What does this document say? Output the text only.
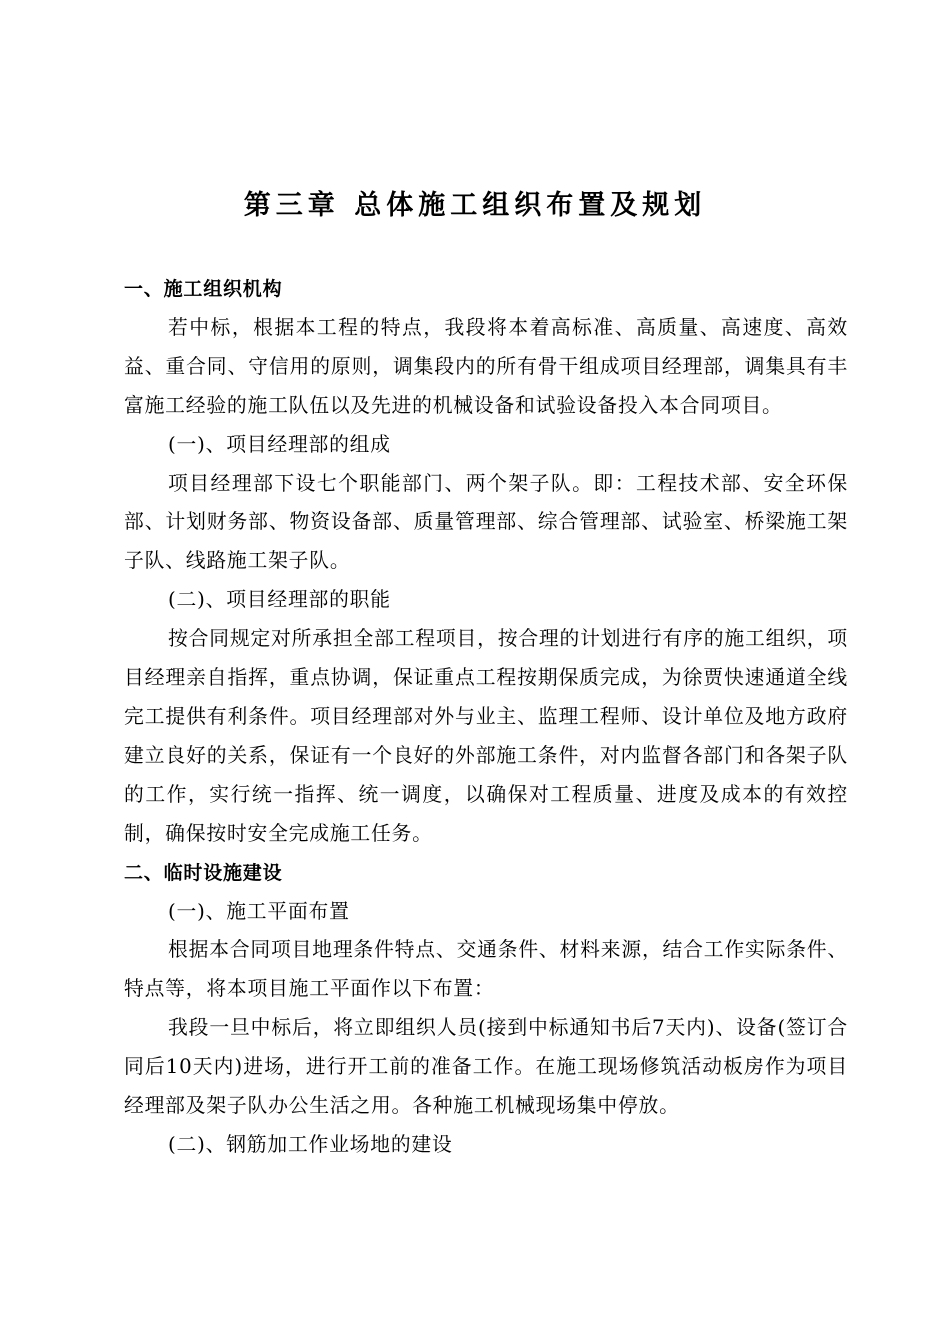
第三章 总体施工组织布置及规划

一、施工组织机构

若中标，根据本工程的特点，我段将本着高标准、高质量、高速度、高效益、重合同、守信用的原则，调集段内的所有骨干组成项目经理部，调集具有丰富施工经验的施工队伍以及先进的机械设备和试验设备投入本合同项目。

(一)、项目经理部的组成

项目经理部下设七个职能部门、两个架子队。即：工程技术部、安全环保部、计划财务部、物资设备部、质量管理部、综合管理部、试验室、桥梁施工架子队、线路施工架子队。

(二)、项目经理部的职能

按合同规定对所承担全部工程项目，按合理的计划进行有序的施工组织，项目经理亲自指挥，重点协调，保证重点工程按期保质完成，为徐贾快速通道全线完工提供有利条件。项目经理部对外与业主、监理工程师、设计单位及地方政府建立良好的关系，保证有一个良好的外部施工条件，对内监督各部门和各架子队的工作，实行统一指挥、统一调度，以确保对工程质量、进度及成本的有效控制，确保按时安全完成施工任务。

二、临时设施建设

(一)、施工平面布置

根据本合同项目地理条件特点、交通条件、材料来源，结合工作实际条件、特点等，将本项目施工平面作以下布置：

我段一旦中标后，将立即组织人员(接到中标通知书后7天内)、设备(签订合同后10天内)进场，进行开工前的准备工作。在施工现场修筑活动板房作为项目经理部及架子队办公生活之用。各种施工机械现场集中停放。

(二)、钢筋加工作业场地的建设
